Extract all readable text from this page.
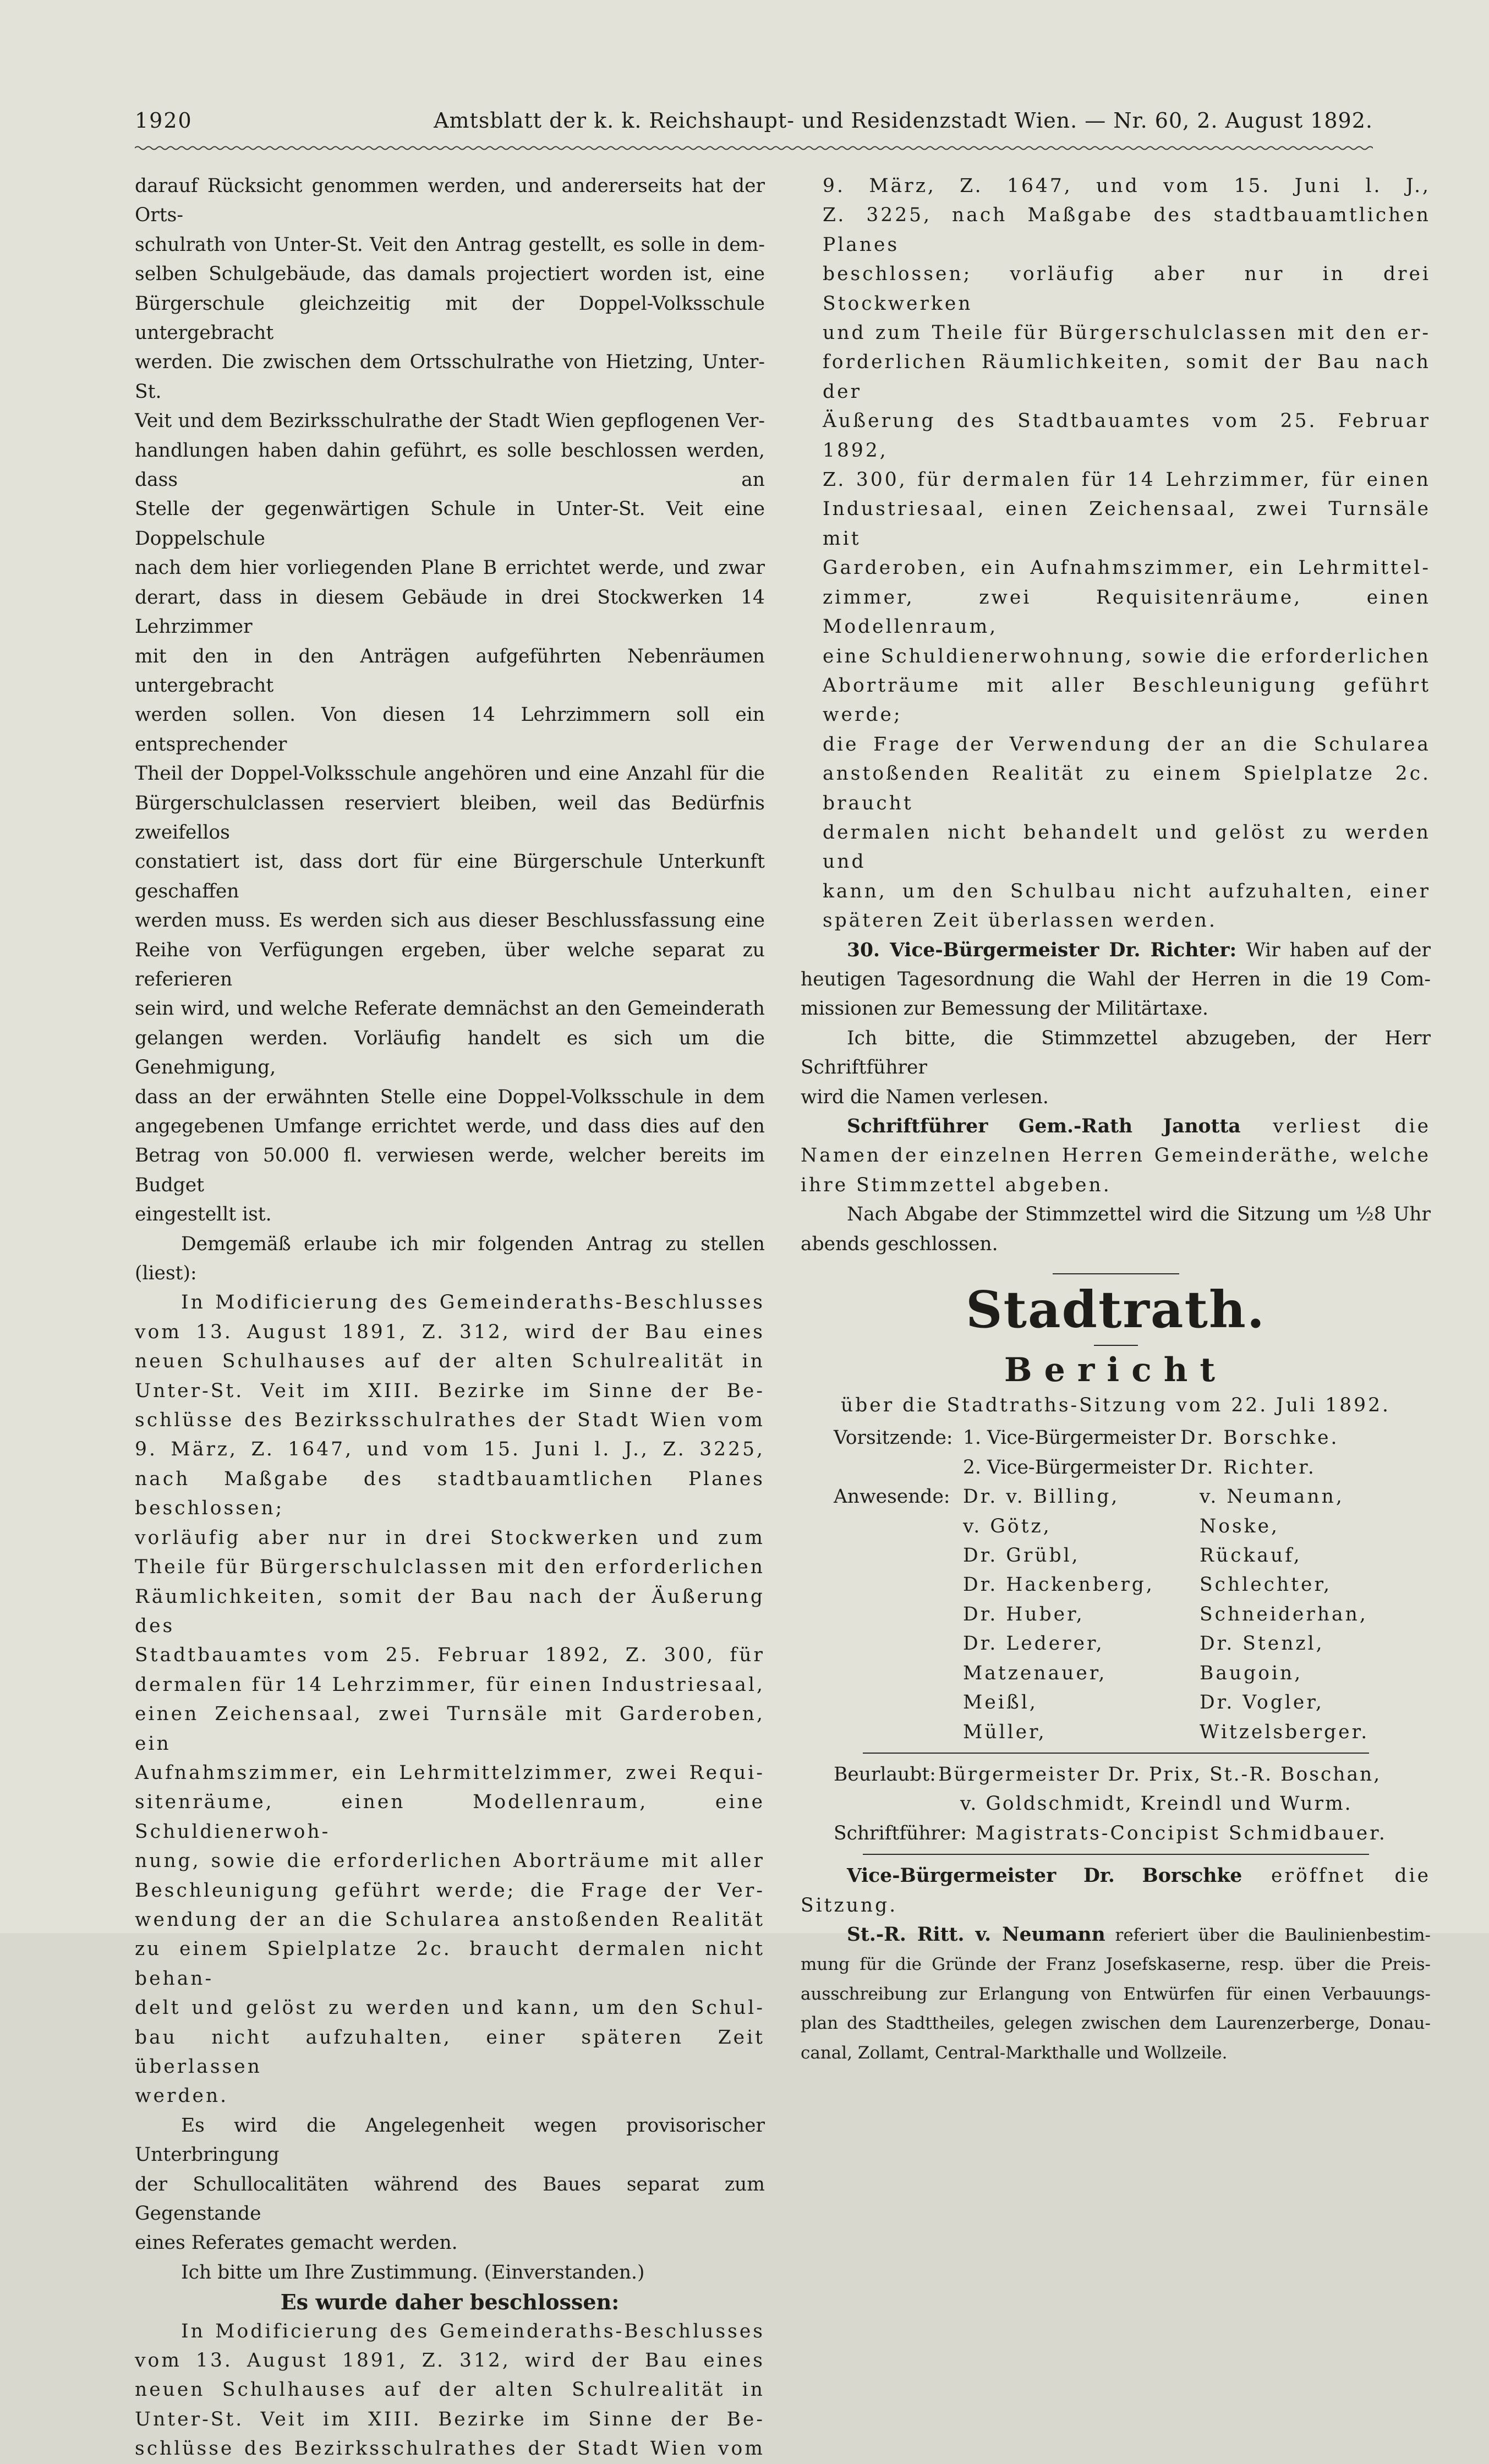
1920	Amtsblatt der k. k. Reichshaupt- und Residenzstadt Wien. — Nr. 60, 2. August 1892.

darauf Rücksicht genommen werden, und andererseits hat der Orts-

schulrath von Unter-St. Veit den Antrag gestellt, es solle in dem-

selben Schulgebäude, das damals projectiert worden ist, eine

Bürgerschule gleichzeitig mit der Doppel-Volksschule untergebracht

werden. Die zwischen dem Ortsschulrathe von Hietzing, Unter-St.

Veit und dem Bezirksschulrathe der Stadt Wien gepflogenen Ver-

handlungen haben dahin geführt, es solle beschlossen werden, dass an

Stelle der gegenwärtigen Schule in Unter-St. Veit eine Doppelschule

nach dem hier vorliegenden Plane B errichtet werde, und zwar

derart, dass in diesem Gebäude in drei Stockwerken 14 Lehrzimmer

mit den in den Anträgen aufgeführten Nebenräumen untergebracht

werden sollen. Von diesen 14 Lehrzimmern soll ein entsprechender

Theil der Doppel-Volksschule angehören und eine Anzahl für die

Bürgerschulclassen reserviert bleiben, weil das Bedürfnis zweifellos

constatiert ist, dass dort für eine Bürgerschule Unterkunft geschaffen

werden muss. Es werden sich aus dieser Beschlussfassung eine

Reihe von Verfügungen ergeben, über welche separat zu referieren

sein wird, und welche Referate demnächst an den Gemeinderath

gelangen werden. Vorläufig handelt es sich um die Genehmigung,

dass an der erwähnten Stelle eine Doppel-Volksschule in dem

angegebenen Umfange errichtet werde, und dass dies auf den

Betrag von 50.000 fl. verwiesen werde, welcher bereits im Budget

eingestellt ist.

Demgemäß erlaube ich mir folgenden Antrag zu stellen (liest):

In Modificierung des Gemeinderaths-Beschlusses

vom 13. August 1891, Z. 312, wird der Bau eines

neuen Schulhauses auf der alten Schulrealität in

Unter-St. Veit im XIII. Bezirke im Sinne der Be-

schlüsse des Bezirksschulrathes der Stadt Wien vom

9. März, Z. 1647, und vom 15. Juni l. J., Z. 3225,

nach Maßgabe des stadtbauamtlichen Planes beschlossen;

vorläufig aber nur in drei Stockwerken und zum

Theile für Bürgerschulclassen mit den erforderlichen

Räumlichkeiten, somit der Bau nach der Äußerung des

Stadtbauamtes vom 25. Februar 1892, Z. 300, für

dermalen für 14 Lehrzimmer, für einen Industriesaal,

einen Zeichensaal, zwei Turnsäle mit Garderoben, ein

Aufnahmszimmer, ein Lehrmittelzimmer, zwei Requi-

sitenräume, einen Modellenraum, eine Schuldienerwoh-

nung, sowie die erforderlichen Aborträume mit aller

Beschleunigung geführt werde; die Frage der Ver-

wendung der an die Schularea anstoßenden Realität

zu einem Spielplatze 2c. braucht dermalen nicht behan-

delt und gelöst zu werden und kann, um den Schul-

bau nicht aufzuhalten, einer späteren Zeit überlassen

werden.

Es wird die Angelegenheit wegen provisorischer Unterbringung

der Schullocalitäten während des Baues separat zum Gegenstande

eines Referates gemacht werden.

Ich bitte um Ihre Zustimmung. (Einverstanden.)

Es wurde daher beschlossen:

In Modificierung des Gemeinderaths-Beschlusses

vom 13. August 1891, Z. 312, wird der Bau eines

neuen Schulhauses auf der alten Schulrealität in

Unter-St. Veit im XIII. Bezirke im Sinne der Be-

schlüsse des Bezirksschulrathes der Stadt Wien vom

9. März, Z. 1647, und vom 15. Juni l. J.,

Z. 3225, nach Maßgabe des stadtbauamtlichen Planes

beschlossen; vorläufig aber nur in drei Stockwerken

und zum Theile für Bürgerschulclassen mit den er-

forderlichen Räumlichkeiten, somit der Bau nach der

Äußerung des Stadtbauamtes vom 25. Februar 1892,

Z. 300, für dermalen für 14 Lehrzimmer, für einen

Industriesaal, einen Zeichensaal, zwei Turnsäle mit

Garderoben, ein Aufnahmszimmer, ein Lehrmittel-

zimmer, zwei Requisitenräume, einen Modellenraum,

eine Schuldienerwohnung, sowie die erforderlichen

Aborträume mit aller Beschleunigung geführt werde;

die Frage der Verwendung der an die Schularea

anstoßenden Realität zu einem Spielplatze 2c. braucht

dermalen nicht behandelt und gelöst zu werden und

kann, um den Schulbau nicht aufzuhalten, einer

späteren Zeit überlassen werden.

30. Vice-Bürgermeister Dr. Richter: Wir haben auf der

heutigen Tagesordnung die Wahl der Herren in die 19 Com-

missionen zur Bemessung der Militärtaxe.

Ich bitte, die Stimmzettel abzugeben, der Herr Schriftführer

wird die Namen verlesen.

Schriftführer Gem.-Rath Janotta verliest die

Namen der einzelnen Herren Gemeinderäthe, welche

ihre Stimmzettel abgeben.

Nach Abgabe der Stimmzettel wird die Sitzung um ½8 Uhr

abends geschlossen.

Stadtrath.
Bericht

über die Stadtraths-Sitzung vom 22. Juli 1892.

Vorsitzende:	1. Vice-Bürgermeister	Dr. Borschke.
	2. Vice-Bürgermeister	Dr. Richter.
Anwesende:	Dr. v. Billing,	v. Neumann,
	v. Götz,	Noske,
	Dr. Grübl,	Rückauf,
	Dr. Hackenberg,	Schlechter,
	Dr. Huber,	Schneiderhan,
	Dr. Lederer,	Dr. Stenzl,
	Matzenauer,	Baugoin,
	Meißl,	Dr. Vogler,
	Müller,	Witzelsberger.
Beurlaubt:	Bürgermeister Dr. Prix, St.-R. Boschan,
	v. Goldschmidt, Kreindl und Wurm.
Schriftführer:	Magistrats-Concipist Schmidbauer.

Vice-Bürgermeister Dr. Borschke eröffnet die Sitzung.

St.-R. Ritt. v. Neumann referiert über die Baulinienbestim-

mung für die Gründe der Franz Josefskaserne, resp. über die Preis-

ausschreibung zur Erlangung von Entwürfen für einen Verbauungs-

plan des Stadttheiles, gelegen zwischen dem Laurenzerberge, Donau-

canal, Zollamt, Central-Markthalle und Wollzeile.
